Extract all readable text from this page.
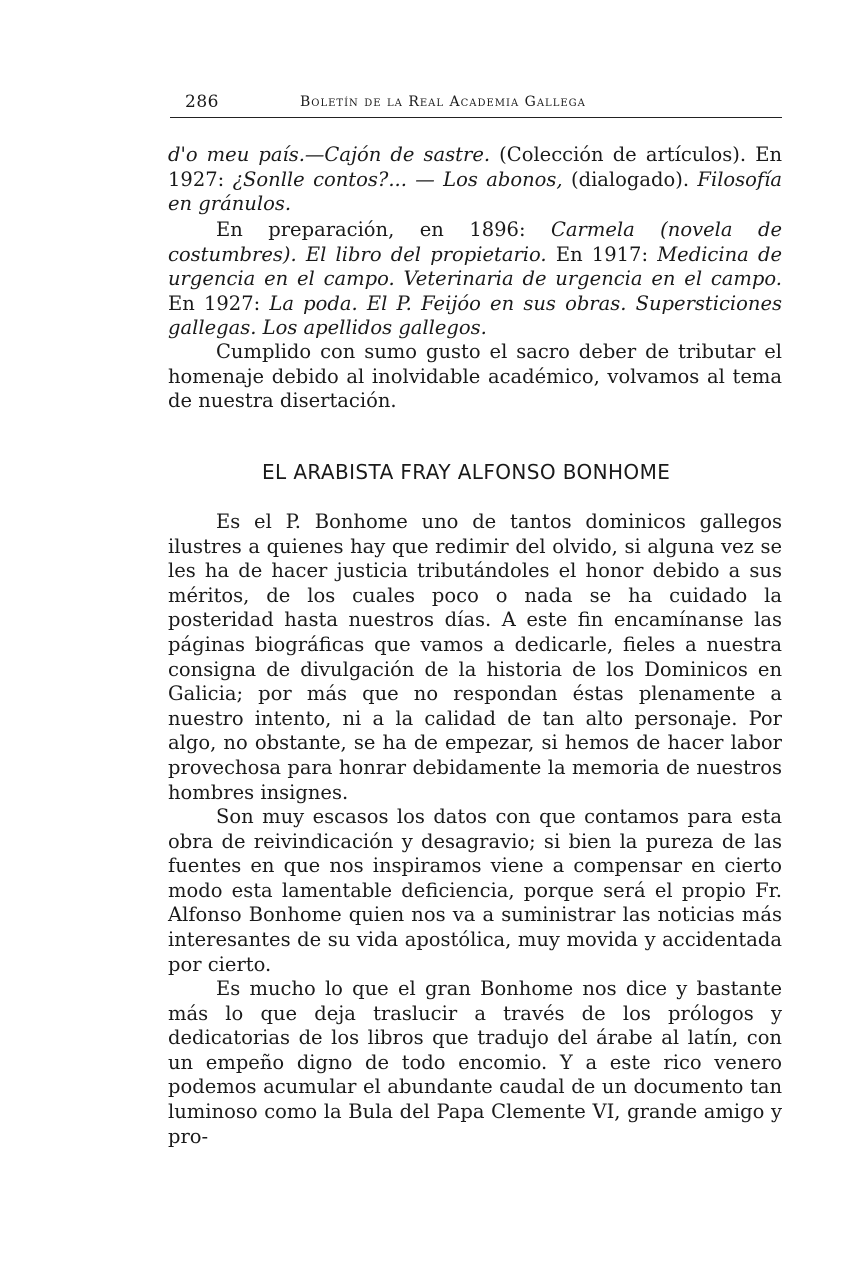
286	Boletín de la Real Academia Gallega

d'o meu país.—Cajón de sastre. (Colección de artículos). En 1927: ¿Sonlle contos?... — Los abonos, (dialogado). Filosofía en gránulos.

En preparación, en 1896: Carmela (novela de costumbres). El libro del propietario. En 1917: Medicina de urgencia en el campo. Veterinaria de urgencia en el campo. En 1927: La poda. El P. Feijóo en sus obras. Supersticiones gallegas. Los apellidos gallegos.

Cumplido con sumo gusto el sacro deber de tributar el homenaje debido al inolvidable académico, volvamos al tema de nuestra disertación.

EL ARABISTA FRAY ALFONSO BONHOME

Es el P. Bonhome uno de tantos dominicos gallegos ilustres a quienes hay que redimir del olvido, si alguna vez se les ha de hacer justicia tributándoles el honor debido a sus méritos, de los cuales poco o nada se ha cuidado la posteridad hasta nuestros días. A este fin encamínanse las páginas biográficas que vamos a dedicarle, fieles a nuestra consigna de divulgación de la historia de los Dominicos en Galicia; por más que no respondan éstas plenamente a nuestro intento, ni a la calidad de tan alto personaje. Por algo, no obstante, se ha de empezar, si hemos de hacer labor provechosa para honrar debidamente la memoria de nuestros hombres insignes.

Son muy escasos los datos con que contamos para esta obra de reivindicación y desagravio; si bien la pureza de las fuentes en que nos inspiramos viene a compensar en cierto modo esta lamentable deficiencia, porque será el propio Fr. Alfonso Bonhome quien nos va a suministrar las noticias más interesantes de su vida apostólica, muy movida y accidentada por cierto.

Es mucho lo que el gran Bonhome nos dice y bastante más lo que deja traslucir a través de los prólogos y dedicatorias de los libros que tradujo del árabe al latín, con un empeño digno de todo encomio. Y a este rico venero podemos acumular el abundante caudal de un documento tan luminoso como la Bula del Papa Clemente VI, grande amigo y pro-
